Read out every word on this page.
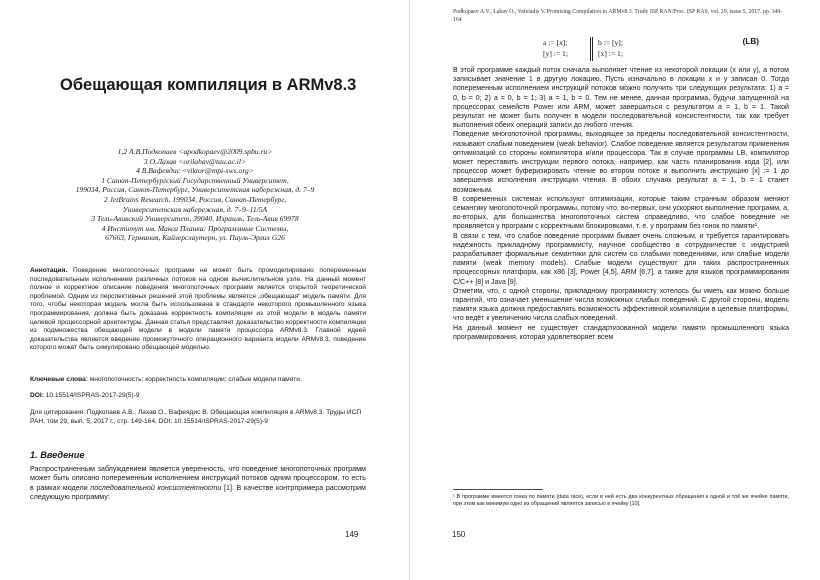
Обещающая компиляция в ARMv8.3
1,2 А.В.Подкопаев <apodkopaev@2009.spbu.ru>
3 О.Лахав <orilahav@tau.ac.il>
4 В.Вафеядис <viktor@mpi-sws.org>
1 Санкт-Петербургский Государственный Университет,
199034, Россия, Санкт-Петербург, Университетская набережная, д. 7–9
2 JetBrains Research, 199034, Россия, Санкт-Петербург,
Университетская набережная, д. 7–9–11/5А
3 Тель-Авивский Университет, 39040, Израиль, Тель-Авив 69978
4 Институт им. Макса Планка: Программные Системы,
67663, Германия, Кайзерслаутерн, ул. Пауль-Эрлих G26
Аннотация. Поведение многопоточных программ не может быть промоделировано попеременным последовательным исполнением различных потоков на одном вычислительном узле. На данный момент полное и корректное описание поведения многопоточных программ является открытой теоретической проблемой. Одним из перспективных решений этой проблемы является „обещающая“ модель памяти. Для того, чтобы некоторая модель могла быть использована в стандарте некоторого промышленного языка программирования, должна быть доказана корректность компиляции из этой модели в модель памяти целевой процессорной архитектуры. Данная статья представляет доказательство корректности компиляции из подмножества обещающей модели в модели памяти процессора ARMv8.3. Главной идеей доказательства является введение промежуточного операционного варианта модели ARMv8.3, поведение которого может быть симулировано обещающей моделью.
Ключевые слова: многопоточность; корректность компиляции; слабые модели памяти.
DOI: 10.15514/ISPRAS-2017-29(5)-9
Для цитирования: Подкопаев А.В., Лахав О., Вафеядис В. Обещающая компиляция в ARMv8.3. Труды ИСП РАН, том 29, вып. 5, 2017 г., стр. 149-164. DOI: 10.15514/ISPRAS-2017-29(5)-9
1. Введение
Распространенным заблуждением является уверенность, что поведение многопоточных программ может быть описано попеременным исполнением инструкций потоков одним процессором, то есть в рамках модели последовательной консистентности [1]. В качестве контрпримера рассмотрим следующую программу:
149
Podkopaev A.V., Lahav O., Vafeiadis V. Promising Compilation to ARMv8.3. Trudy ISP RAN/Proc. ISP RAS, vol. 29, issue 5, 2017. pp. 149-164
a := [x];
[y] := 1;
b := [y];
[x] := 1;
(LB)

В этой программе каждый поток сначала выполняет чтение из некоторой локации (x или y), а потом записывает значение 1 в другую локацию. Пусть изначально в локации x и y записан 0. Тогда попеременным исполнением инструкций потоков можно получить три следующих результата: 1) a = 0, b = 0; 2) a = 0, b = 1; 3) a = 1, b = 0. Тем не менее, данная программа, будучи запущенной на процессорах семейств Power или ARM, может завершиться с результатом a = 1, b = 1. Такой результат не может быть получен в модели последовательной консистентности, так как требует выполнения обеих операций записи до любого чтения.

Поведение многопоточной программы, выходящее за пределы последовательной консистентности, называют слабым поведением (weak behavior). Слабое поведение является результатом применения оптимизаций со стороны компилятора и/или процессора. Так в случае программы LB, компилятор может переставить инструкции первого потока, например, как часть планирования кода [2], или процессор может буферизировать чтение во втором потоке и выполнить инструкцию [x] := 1 до завершения исполнения инструкции чтения. В обоих случаях результат a = 1, b = 1 станет возможным.

В современных системах используют оптимизации, которые таким странным образом меняют семантику многопоточной программы, потому что, во-первых, они ускоряют выполнение программ, а, во-вторых, для большинства многопоточных систем справедливо, что слабое поведение не проявляется у программ с корректными блокировками, т. е. у программ без гонок по памяти¹.

В связи с тем, что слабое поведение программ бывает очень сложным, и требуется гарантировать надёжность прикладному программисту, научное сообщество в сотрудничестве с индустрией разрабатывает формальные семантики для систем со слабыми поведениями, или слабые модели памяти (weak memory models). Слабые модели существуют для таких распространенных процессорных платформ, как x86 [3], Power [4,5], ARM [6,7], а также для языков программирования C/C++ [8] и Java [9].

Отметим, что, с одной стороны, прикладному программисту хотелось бы иметь как можно больше гарантий, что означает уменьшение числа возможных слабых поведений. С другой стороны, модель памяти языка должна предоставлять возможность эффективной компиляции в целевые платформы, что ведёт к увеличению числа слабых поведений.

На данный момент не существует стандартизованной модели памяти промышленного языка программирования, которая удовлетворяет всем

¹ В программе имеется гонка по памяти (data race), если в ней есть два конкурентных обращения к одной и той же ячейке памяти, при этом как минимум одно из обращений является записью в ячейку [10].
150
